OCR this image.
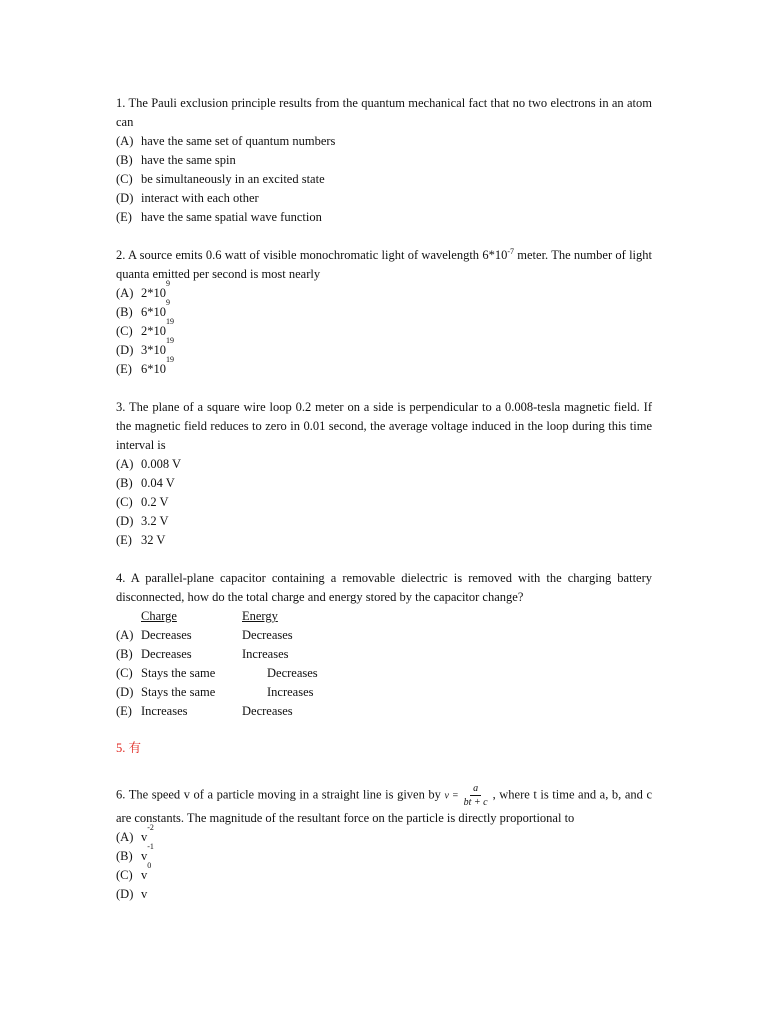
1. The Pauli exclusion principle results from the quantum mechanical fact that no two electrons in an atom can
(A) have the same set of quantum numbers
(B) have the same spin
(C) be simultaneously in an excited state
(D) interact with each other
(E) have the same spatial wave function
2. A source emits 0.6 watt of visible monochromatic light of wavelength $6*10^{-7}$ meter. The number of light quanta emitted per second is most nearly
(A) 2*10
9
(B) 6*10
9
(C) 2*10
19
(D) 3*10
19
(E) 6*10
19
3. The plane of a square wire loop 0.2 meter on a side is perpendicular to a 0.008-tesla magnetic field. If the magnetic field reduces to zero in 0.01 second, the average voltage induced in the loop during this time interval is
(A) 0.008 V
(B) 0.04 V
(C) 0.2 V
(D) 3.2 V
(E) 32 V
4. A parallel-plane capacitor containing a removable dielectric is removed with the charging battery disconnected, how do the total charge and energy stored by the capacitor change?
Charge	Energy
(A) Decreases	Decreases
(B) Decreases	Increases
(C) Stays the same	Decreases
(D) Stays the same	Increases
(E) Increases	Decreases
5. 有
6. The speed v of a particle moving in a straight line is given by $v = \frac{a}{bt + c}$ , where t is time and a, b, and c are constants. The magnitude of the resultant force on the particle is directly proportional to
(A) v
-2
(B) v
-1
(C) v
0
(D) v
